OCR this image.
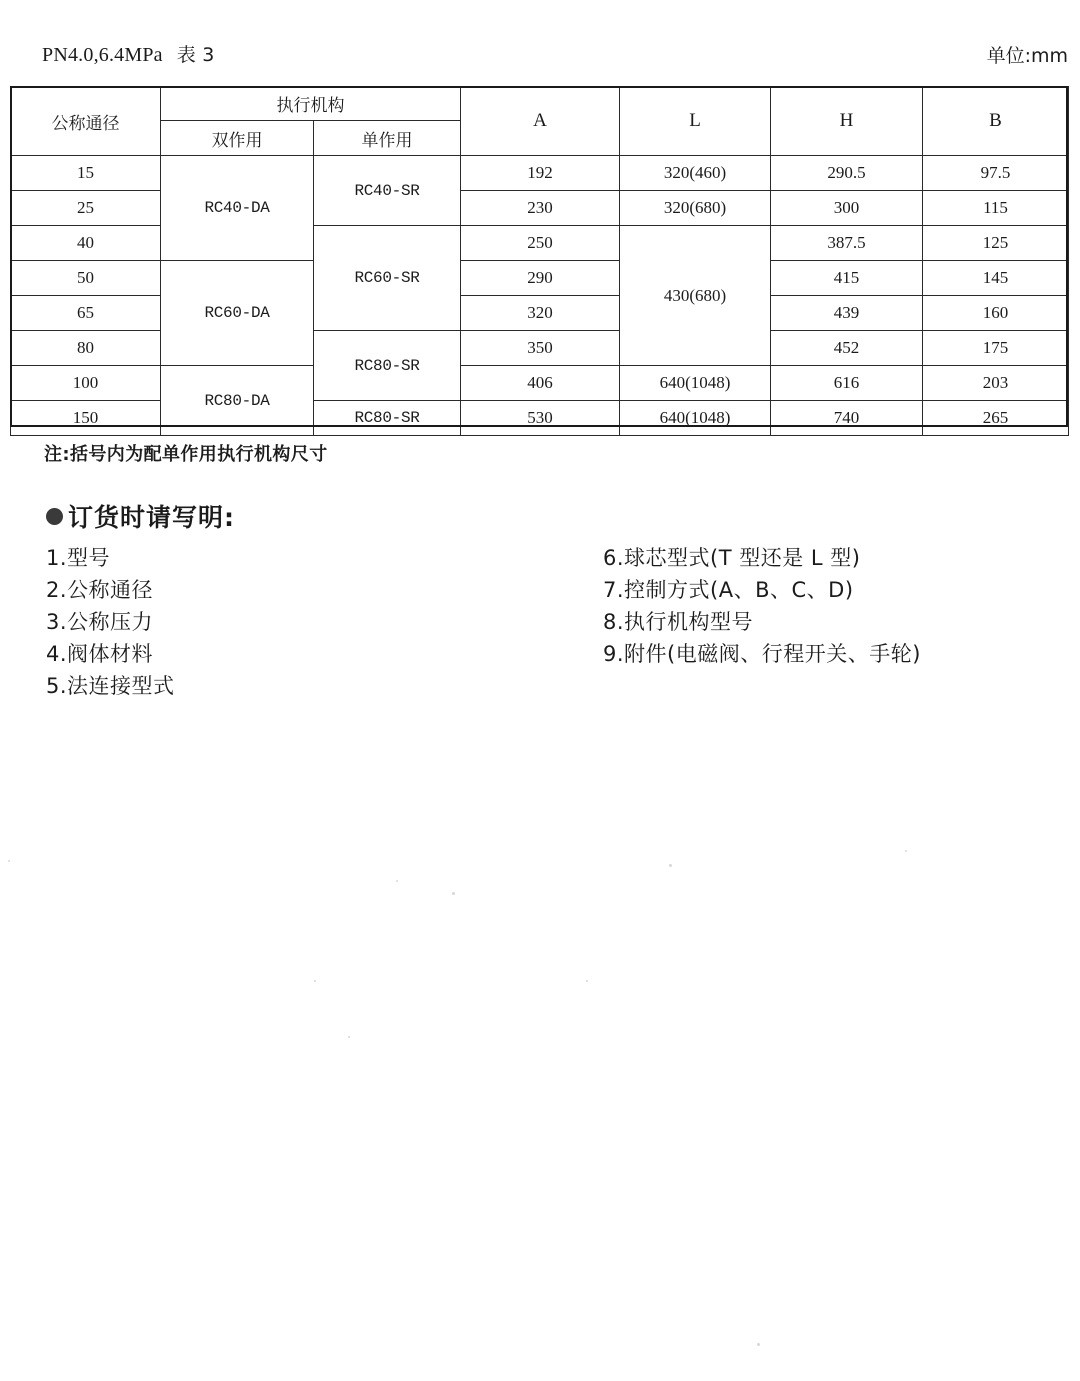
PN4.0,6.4MPa 表 3	单位:mm
公称通径	执行机构		A	L	H	B
	双作用	单作用				
15	RC40-DA	RC40-SR	192	320(460)	290.5	97.5
25			230	320(680)	300	115
40		RC60-SR	250	430(680)	387.5	125
50	RC60-DA		290		415	145
65			320		439	160
80		RC80-SR	350		452	175
100	RC80-DA		406	640(1048)	616	203
150		RC80-SR	530	640(1048)	740	265
注:括号内为配单作用执行机构尺寸
订货时请写明:
1.型号
2.公称通径
3.公称压力
4.阀体材料
5.法连接型式
6.球芯型式(T 型还是 L 型)
7.控制方式(A、B、C、D)
8.执行机构型号
9.附件(电磁阀、行程开关、手轮)
